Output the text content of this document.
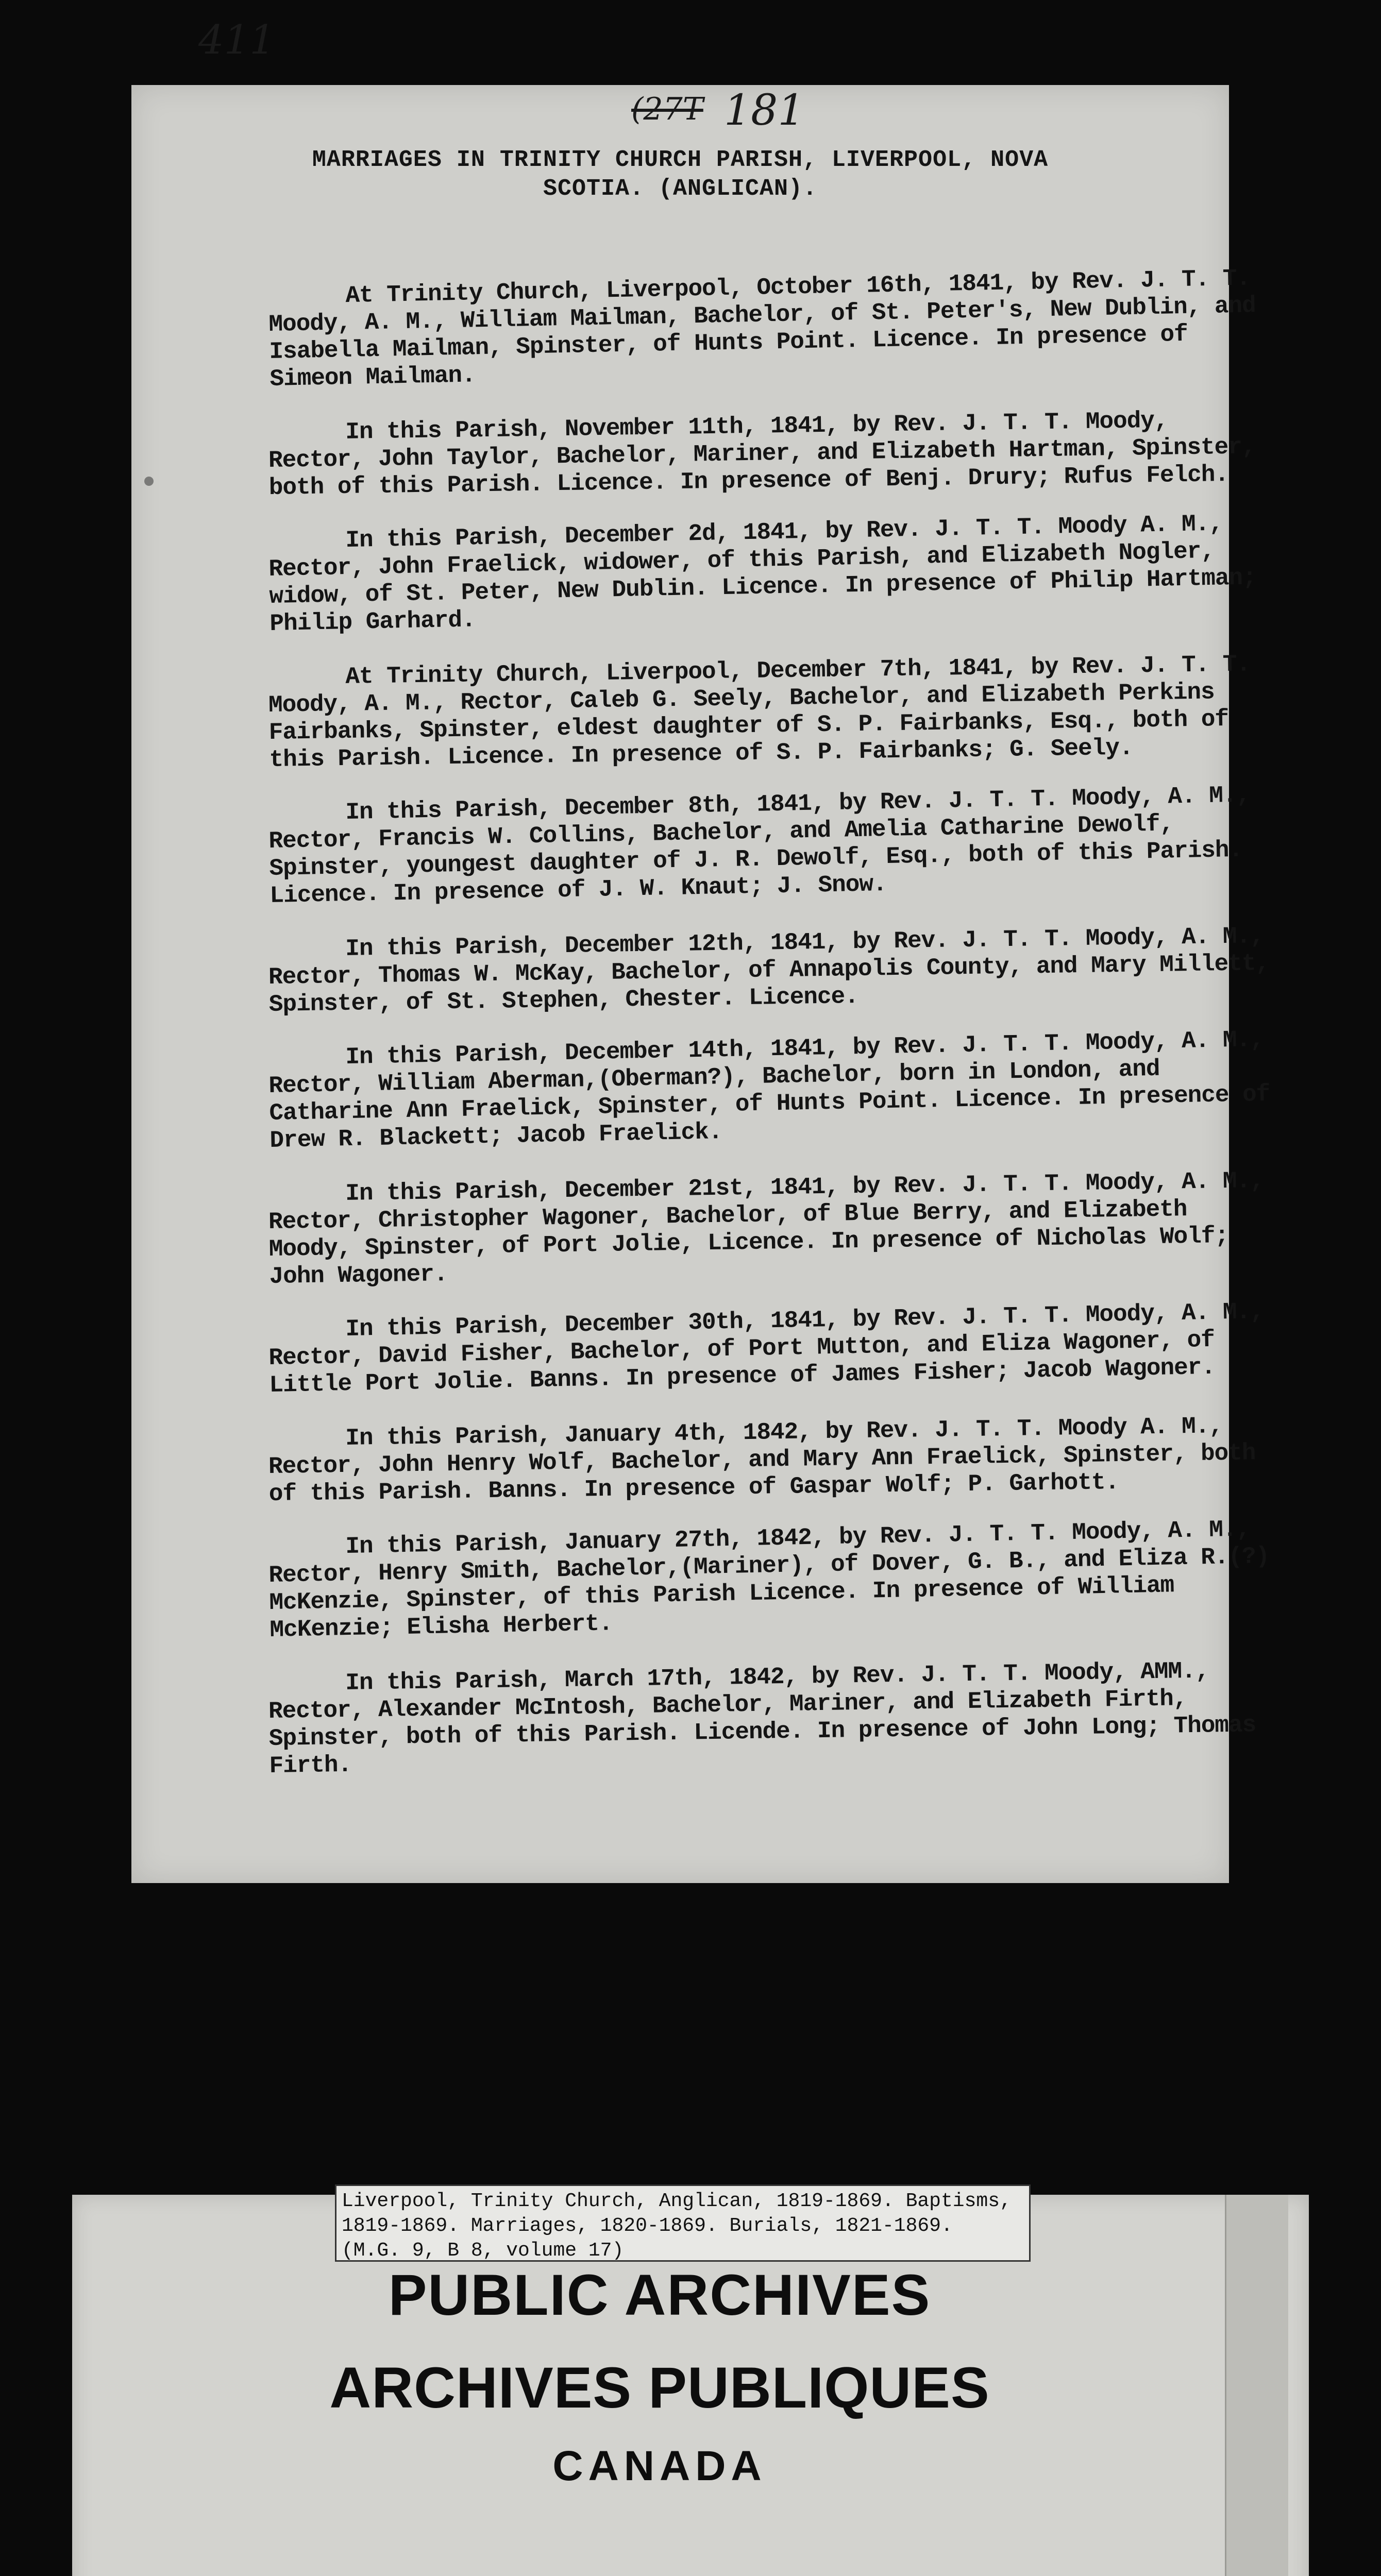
411
(27T 181
MARRIAGES IN TRINITY CHURCH PARISH, LIVERPOOL, NOVA
SCOTIA. (ANGLICAN).

At Trinity Church, Liverpool, October 16th, 1841, by Rev. J. T. T. Moody, A. M., William Mailman, Bachelor, of St. Peter's, New Dublin, and Isabella Mailman, Spinster, of Hunts Point. Licence. In presence of Simeon Mailman.

In this Parish, November 11th, 1841, by Rev. J. T. T. Moody, Rector, John Taylor, Bachelor, Mariner, and Elizabeth Hartman, Spinster, both of this Parish. Licence. In presence of Benj. Drury; Rufus Felch.

In this Parish, December 2d, 1841, by Rev. J. T. T. Moody A. M., Rector, John Fraelick, widower, of this Parish, and Elizabeth Nogler, widow, of St. Peter, New Dublin. Licence. In presence of Philip Hartman; Philip Garhard.

At Trinity Church, Liverpool, December 7th, 1841, by Rev. J. T. T. Moody, A. M., Rector, Caleb G. Seely, Bachelor, and Elizabeth Perkins Fairbanks, Spinster, eldest daughter of S. P. Fairbanks, Esq., both of this Parish. Licence. In presence of S. P. Fairbanks; G. Seely.

In this Parish, December 8th, 1841, by Rev. J. T. T. Moody, A. M., Rector, Francis W. Collins, Bachelor, and Amelia Catharine Dewolf, Spinster, youngest daughter of J. R. Dewolf, Esq., both of this Parish. Licence. In presence of J. W. Knaut; J. Snow.

In this Parish, December 12th, 1841, by Rev. J. T. T. Moody, A. M., Rector, Thomas W. McKay, Bachelor, of Annapolis County, and Mary Millett, Spinster, of St. Stephen, Chester. Licence.

In this Parish, December 14th, 1841, by Rev. J. T. T. Moody, A. M., Rector, William Aberman,(Oberman?), Bachelor, born in London, and Catharine Ann Fraelick, Spinster, of Hunts Point. Licence. In presence of Drew R. Blackett; Jacob Fraelick.

In this Parish, December 21st, 1841, by Rev. J. T. T. Moody, A. M., Rector, Christopher Wagoner, Bachelor, of Blue Berry, and Elizabeth Moody, Spinster, of Port Jolie, Licence. In presence of Nicholas Wolf; John Wagoner.

In this Parish, December 30th, 1841, by Rev. J. T. T. Moody, A. M., Rector, David Fisher, Bachelor, of Port Mutton, and Eliza Wagoner, of Little Port Jolie. Banns. In presence of James Fisher; Jacob Wagoner.

In this Parish, January 4th, 1842, by Rev. J. T. T. Moody A. M., Rector, John Henry Wolf, Bachelor, and Mary Ann Fraelick, Spinster, both of this Parish. Banns. In presence of Gaspar Wolf; P. Garhott.

In this Parish, January 27th, 1842, by Rev. J. T. T. Moody, A. M., Rector, Henry Smith, Bachelor,(Mariner), of Dover, G. B., and Eliza R.(?) McKenzie, Spinster, of this Parish Licence. In presence of William McKenzie; Elisha Herbert.

In this Parish, March 17th, 1842, by Rev. J. T. T. Moody, AMM., Rector, Alexander McIntosh, Bachelor, Mariner, and Elizabeth Firth, Spinster, both of this Parish. Licende. In presence of John Long; Thomas Firth.

Liverpool, Trinity Church, Anglican, 1819-1869. Baptisms,
1819-1869. Marriages, 1820-1869. Burials, 1821-1869.
(M.G. 9, B 8, volume 17)
PUBLIC ARCHIVES
ARCHIVES PUBLIQUES
CANADA
